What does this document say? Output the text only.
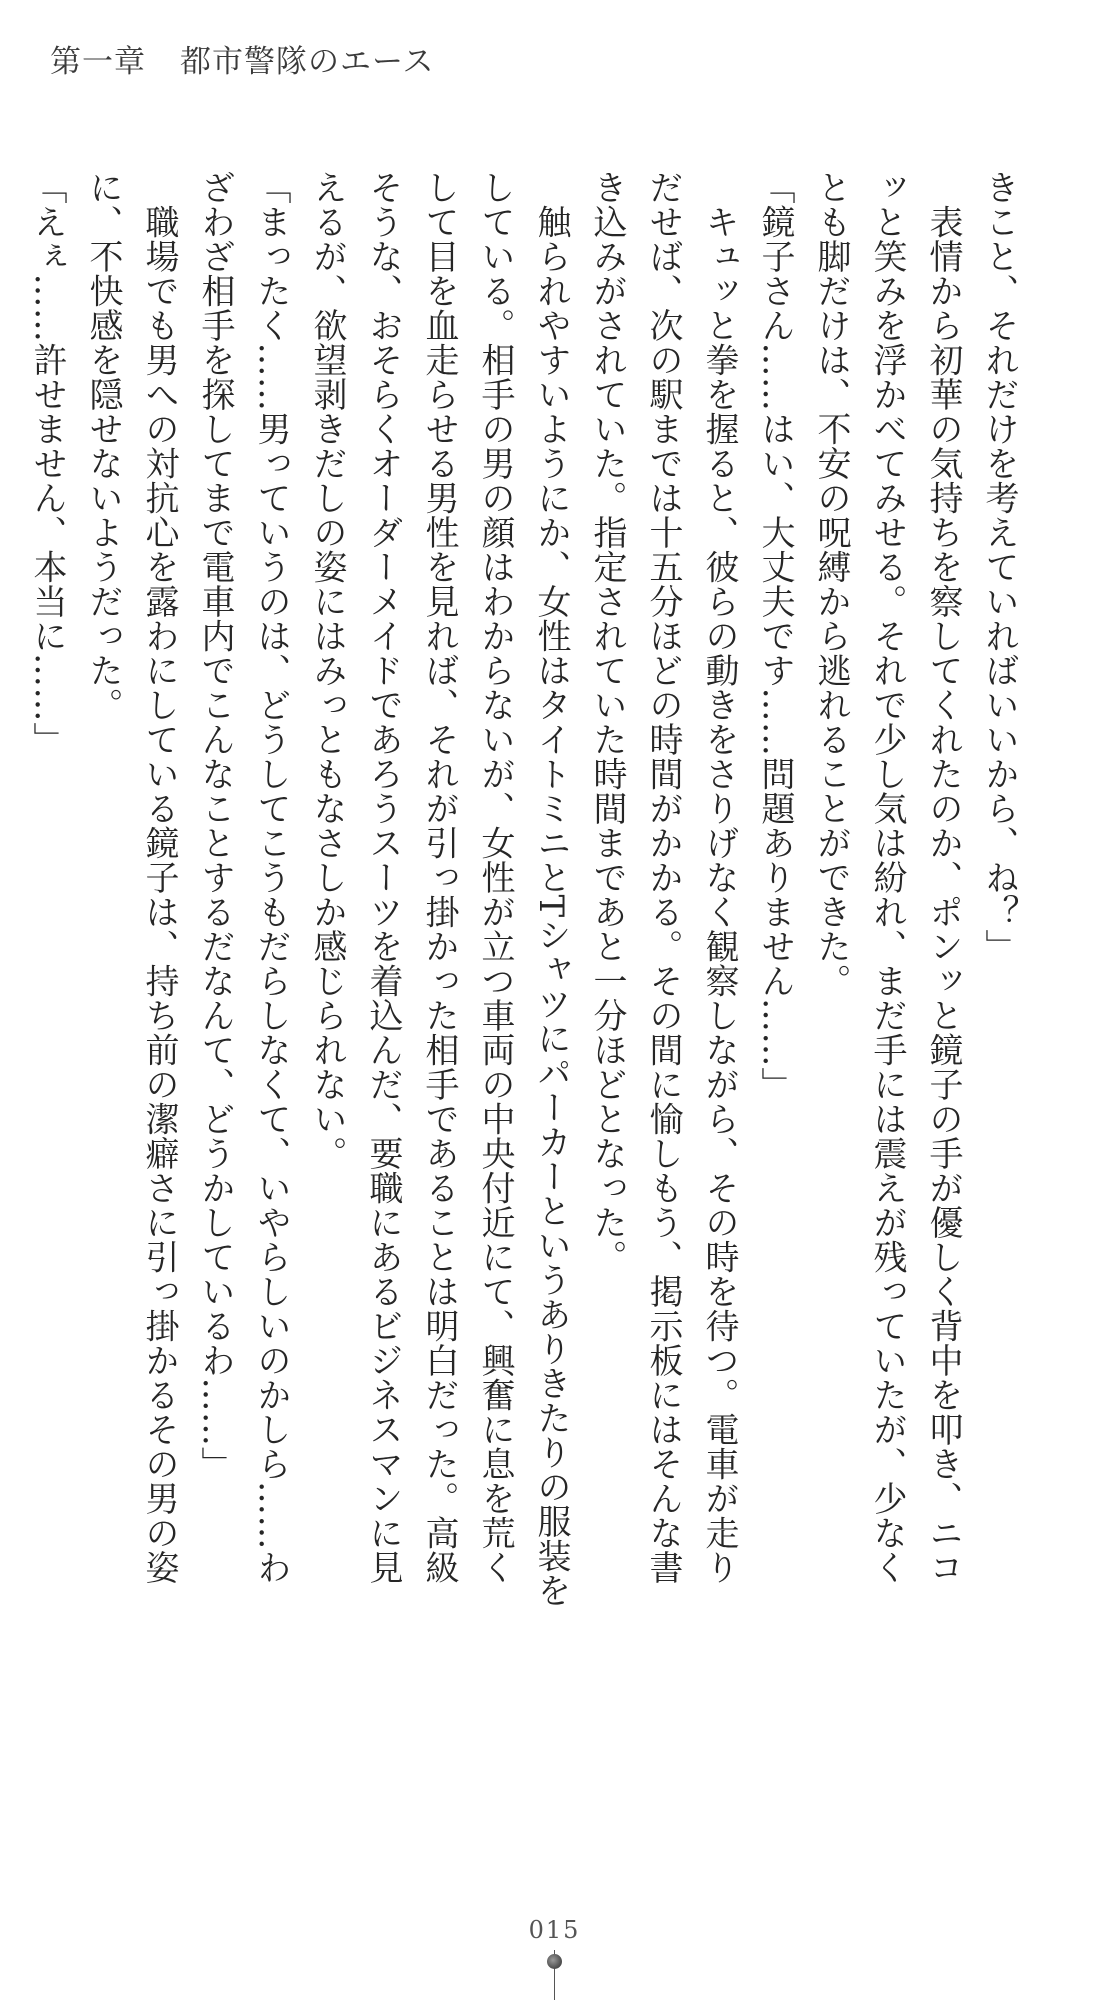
第一章 都市警隊のエース

きこと、それだけを考えていればいいから、ね？」

　表情から初華の気持ちを察してくれたのか、ポンッと鏡子の手が優しく背中を叩き、ニコッと笑みを浮かべてみせる。それで少し気は紛れ、まだ手には震えが残っていたが、少なくとも脚だけは、不安の呪縛から逃れることができた。

「鏡子さん……はい、大丈夫です……問題ありません……」

　キュッと拳を握ると、彼らの動きをさりげなく観察しながら、その時を待つ。電車が走りだせば、次の駅までは十五分ほどの時間がかかる。その間に愉しもう、掲示板にはそんな書き込みがされていた。指定されていた時間まであと一分ほどとなった。

　触られやすいようにか、女性はタイトミニとTシャツにパーカーというありきたりの服装をしている。相手の男の顔はわからないが、女性が立つ車両の中央付近にて、興奮に息を荒くして目を血走らせる男性を見れば、それが引っ掛かった相手であることは明白だった。高級そうな、おそらくオーダーメイドであろうスーツを着込んだ、要職にあるビジネスマンに見えるが、欲望剥きだしの姿にはみっともなさしか感じられない。

「まったく……男っていうのは、どうしてこうもだらしなくて、いやらしいのかしら……わざわざ相手を探してまで電車内でこんなことするだなんて、どうかしているわ……」

　職場でも男への対抗心を露わにしている鏡子は、持ち前の潔癖さに引っ掛かるその男の姿に、不快感を隠せないようだった。

「えぇ……許せません、本当に……」

015
